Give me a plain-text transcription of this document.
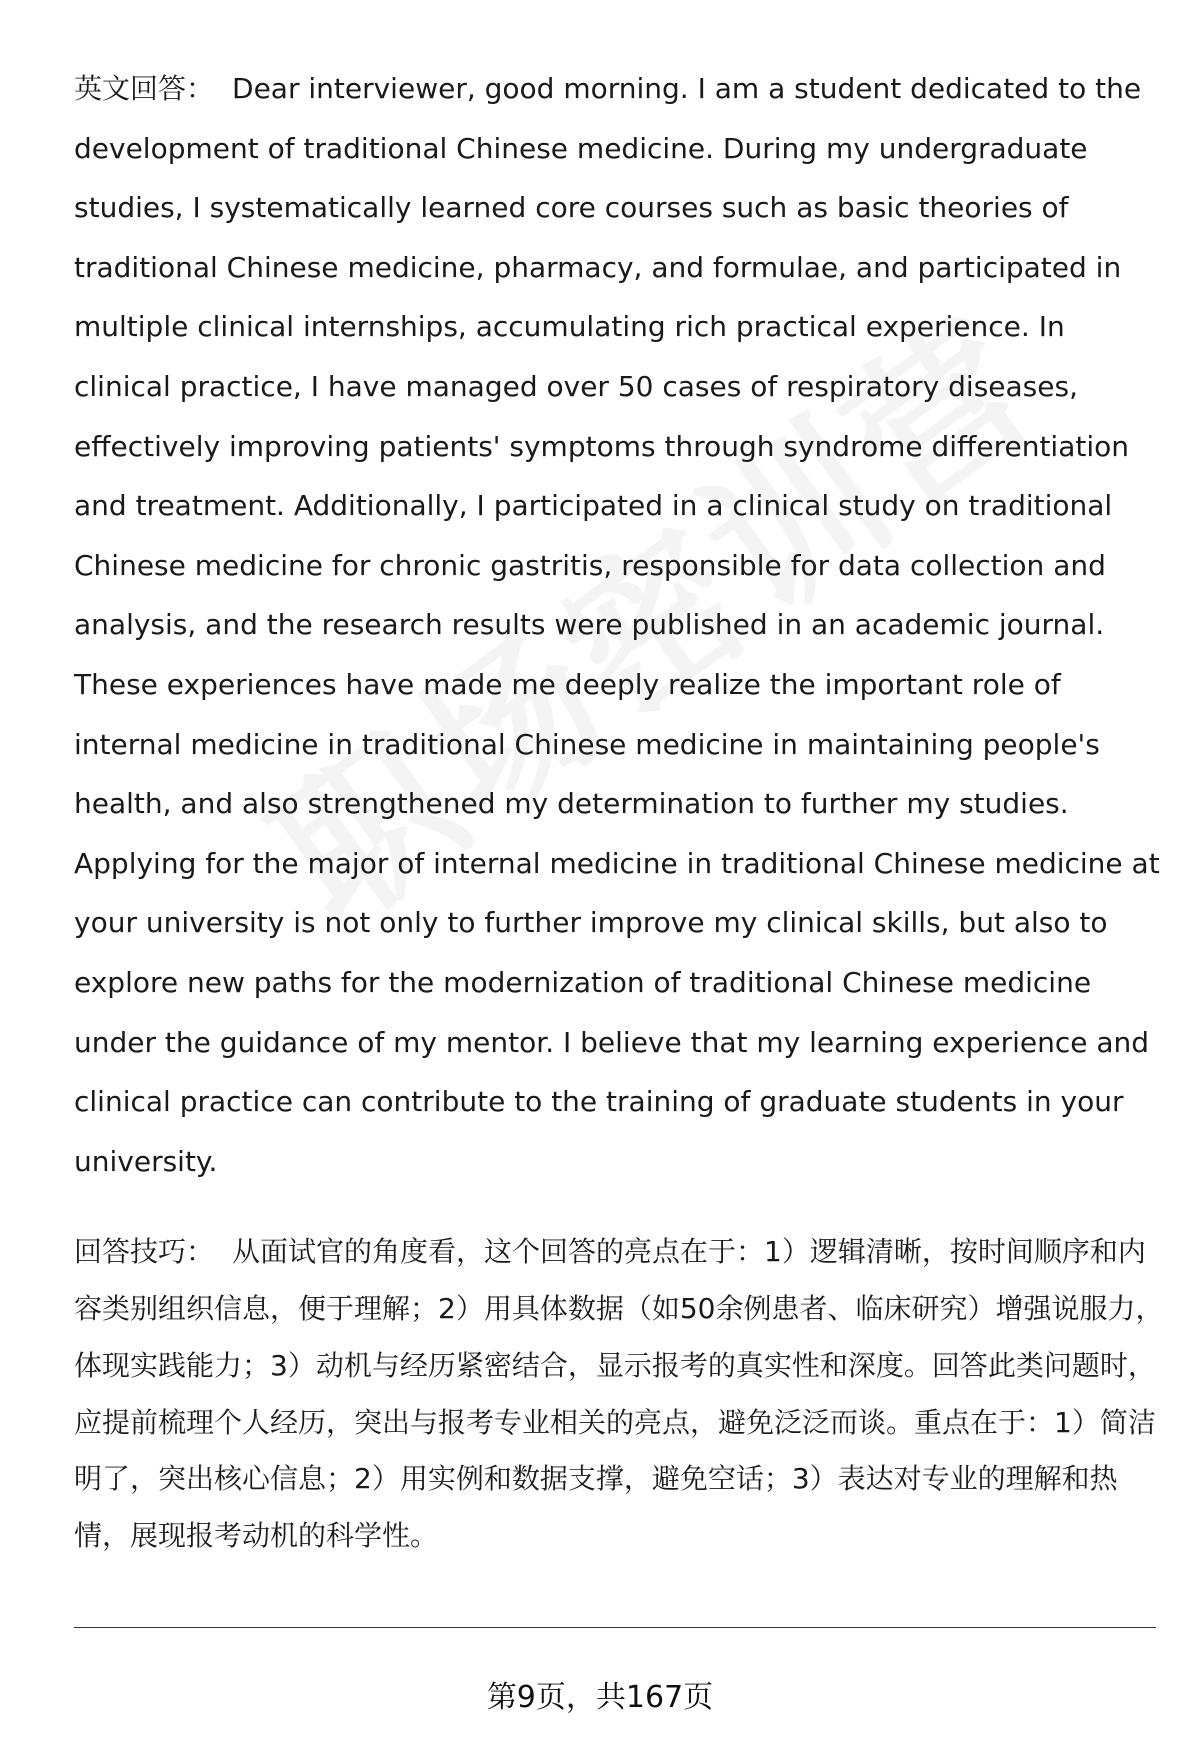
英文回答： Dear interviewer, good morning. I am a student dedicated to the development of traditional Chinese medicine. During my undergraduate studies, I systematically learned core courses such as basic theories of traditional Chinese medicine, pharmacy, and formulae, and participated in multiple clinical internships, accumulating rich practical experience. In clinical practice, I have managed over 50 cases of respiratory diseases, effectively improving patients' symptoms through syndrome differentiation and treatment. Additionally, I participated in a clinical study on traditional Chinese medicine for chronic gastritis, responsible for data collection and analysis, and the research results were published in an academic journal. These experiences have made me deeply realize the important role of internal medicine in traditional Chinese medicine in maintaining people's health, and also strengthened my determination to further my studies. Applying for the major of internal medicine in traditional Chinese medicine at your university is not only to further improve my clinical skills, but also to explore new paths for the modernization of traditional Chinese medicine under the guidance of my mentor. I believe that my learning experience and clinical practice can contribute to the training of graduate students in your university.

回答技巧： 从面试官的角度看，这个回答的亮点在于：1）逻辑清晰，按时间顺序和内容类别组织信息，便于理解；2）用具体数据（如50余例患者、临床研究）增强说服力，体现实践能力；3）动机与经历紧密结合，显示报考的真实性和深度。回答此类问题时，应提前梳理个人经历，突出与报考专业相关的亮点，避免泛泛而谈。重点在于：1）简洁明了，突出核心信息；2）用实例和数据支撑，避免空话；3）表达对专业的理解和热情，展现报考动机的科学性。

第9页，共167页
